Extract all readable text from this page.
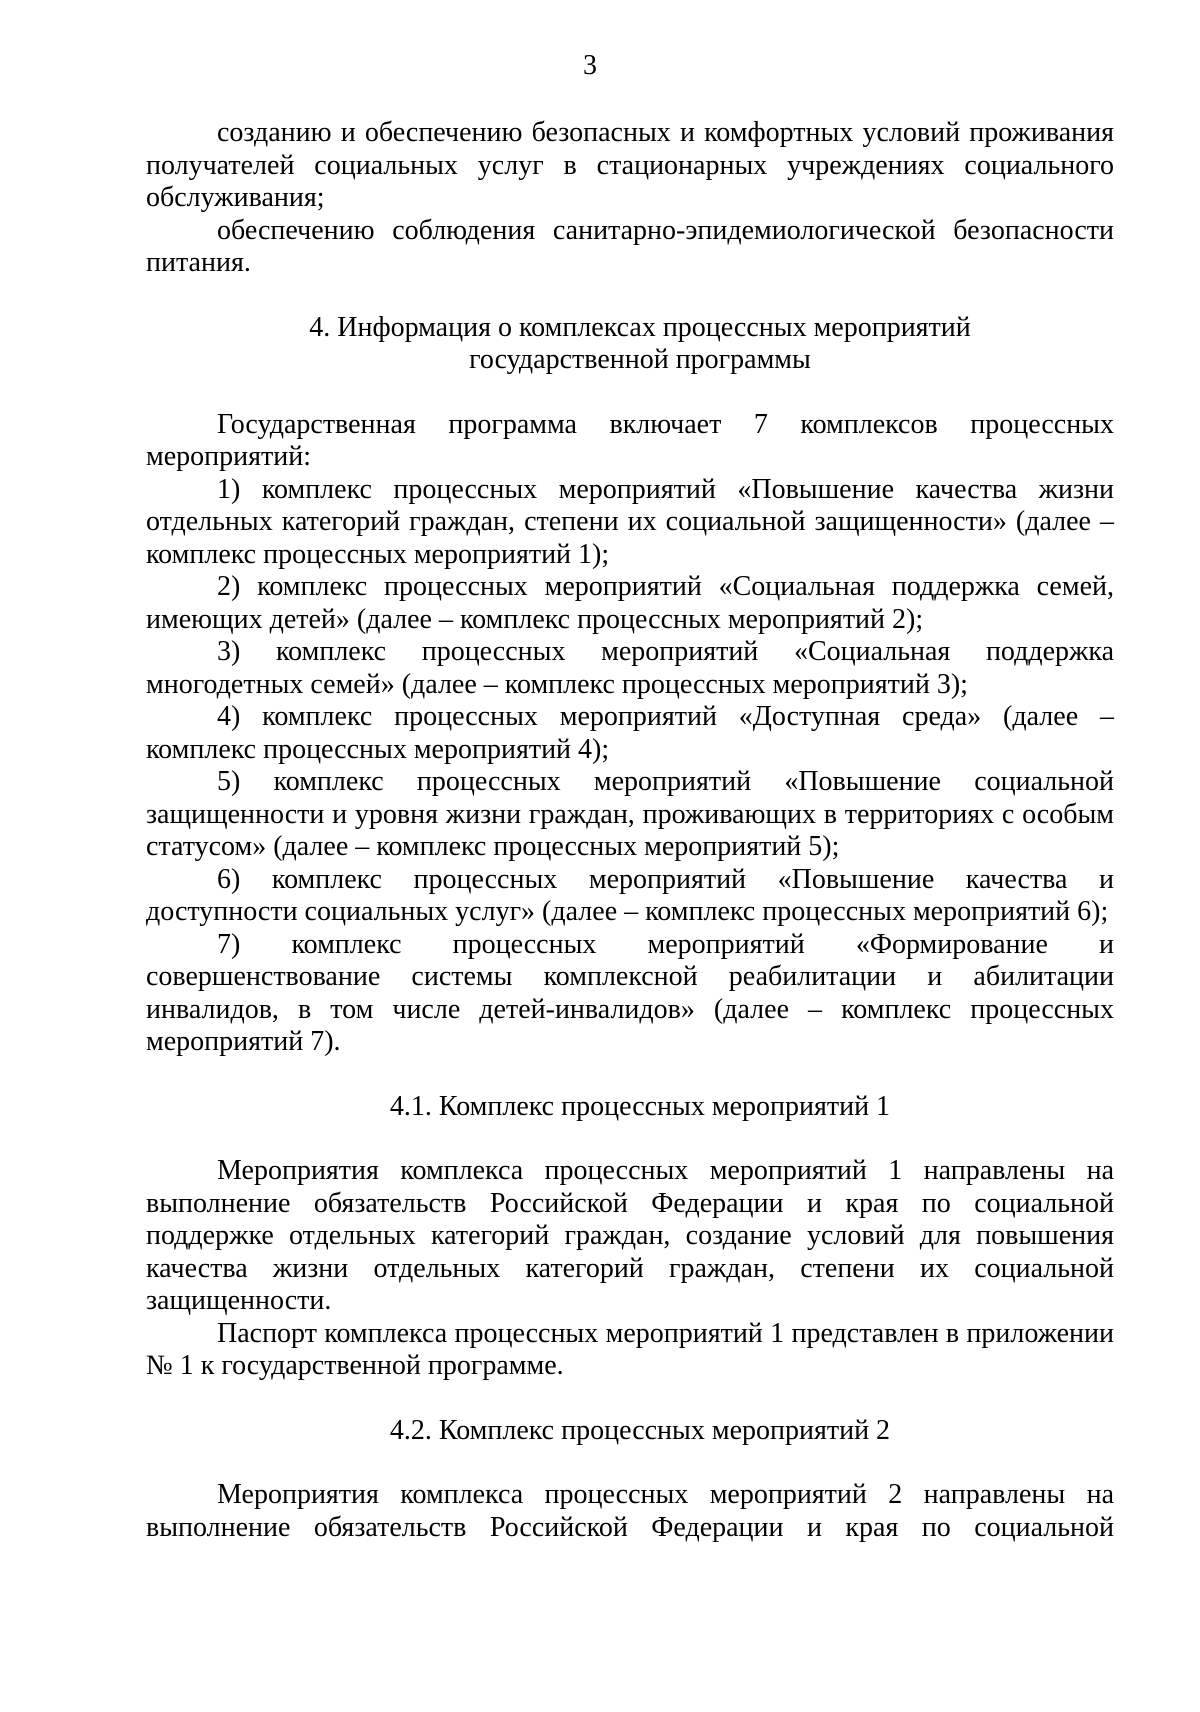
3

созданию и обеспечению безопасных и комфортных условий проживания получателей социальных услуг в стационарных учреждениях социального обслуживания;

обеспечению соблюдения санитарно-эпидемиологической безопасности питания.

4. Информация о комплексах процессных мероприятий

государственной программы

Государственная программа включает 7 комплексов процессных мероприятий:

1) комплекс процессных мероприятий «Повышение качества жизни отдельных категорий граждан, степени их социальной защищенности» (далее – комплекс процессных мероприятий 1);

2) комплекс процессных мероприятий «Социальная поддержка семей, имеющих детей» (далее – комплекс процессных мероприятий 2);

3) комплекс процессных мероприятий «Социальная поддержка многодетных семей» (далее – комплекс процессных мероприятий 3);

4) комплекс процессных мероприятий «Доступная среда» (далее – комплекс процессных мероприятий 4);

5) комплекс процессных мероприятий «Повышение социальной защищенности и уровня жизни граждан, проживающих в территориях с особым статусом» (далее – комплекс процессных мероприятий 5);

6) комплекс процессных мероприятий «Повышение качества и доступности социальных услуг» (далее – комплекс процессных мероприятий 6);

7) комплекс процессных мероприятий «Формирование и совершенствование системы комплексной реабилитации и абилитации инвалидов, в том числе детей-инвалидов» (далее – комплекс процессных мероприятий 7).

4.1. Комплекс процессных мероприятий 1

Мероприятия комплекса процессных мероприятий 1 направлены на выполнение обязательств Российской Федерации и края по социальной поддержке отдельных категорий граждан, создание условий для повышения качества жизни отдельных категорий граждан, степени их социальной защищенности.

Паспорт комплекса процессных мероприятий 1 представлен в приложении № 1 к государственной программе.

4.2. Комплекс процессных мероприятий 2

Мероприятия комплекса процессных мероприятий 2 направлены на выполнение обязательств Российской Федерации и края по социальной
